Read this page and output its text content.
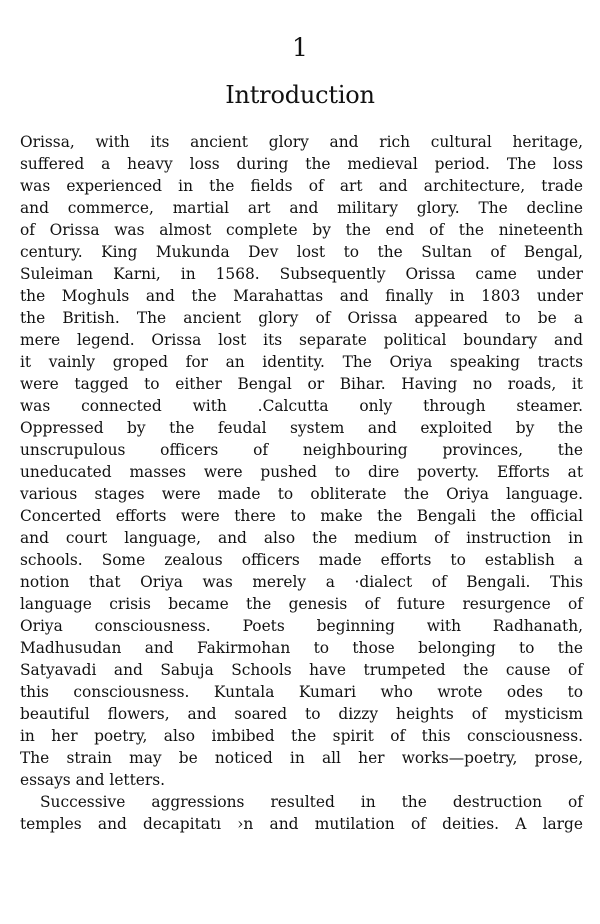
1
Introduction
Orissa, with its ancient glory and rich cultural heritage,
suffered a heavy loss during the medieval period. The loss
was experienced in the fields of art and architecture, trade
and commerce, martial art and military glory. The decline
of Orissa was almost complete by the end of the nineteenth
century. King Mukunda Dev lost to the Sultan of Bengal,
Suleiman Karni, in 1568. Subsequently Orissa came under
the Moghuls and the Marahattas and finally in 1803 under
the British. The ancient glory of Orissa appeared to be a
mere legend. Orissa lost its separate political boundary and
it vainly groped for an identity. The Oriya speaking tracts
were tagged to either Bengal or Bihar. Having no roads, it
was connected with .Calcutta only through steamer.
Oppressed by the feudal system and exploited by the
unscrupulous officers of neighbouring provinces, the
uneducated masses were pushed to dire poverty. Efforts at
various stages were made to obliterate the Oriya language.
Concerted efforts were there to make the Bengali the official
and court language, and also the medium of instruction in
schools. Some zealous officers made efforts to establish a
notion that Oriya was merely a ·dialect of Bengali. This
language crisis became the genesis of future resurgence of
Oriya consciousness. Poets beginning with Radhanath,
Madhusudan and Fakirmohan to those belonging to the
Satyavadi and Sabuja Schools have trumpeted the cause of
this consciousness. Kuntala Kumari who wrote odes to
beautiful flowers, and soared to dizzy heights of mysticism
in her poetry, also imbibed the spirit of this consciousness.
The strain may be noticed in all her works—poetry, prose,
essays and letters.
Successive aggressions resulted in the destruction of
temples and decapitatı ›n and mutilation of deities. A large
